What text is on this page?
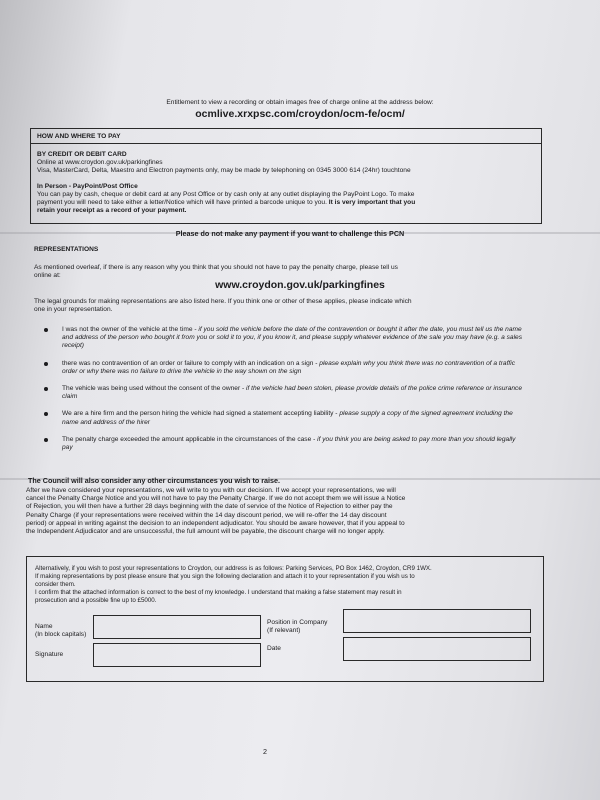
Entitlement to view a recording or obtain images free of charge online at the address below:
ocmlive.xrxpsc.com/croydon/ocm-fe/ocm/
HOW AND WHERE TO PAY
BY CREDIT OR DEBIT CARD
Online at www.croydon.gov.uk/parkingfines
Visa, MasterCard, Delta, Maestro and Electron payments only, may be made by telephoning on 0345 3000 614 (24hr) touchtone
In Person - PayPoint/Post Office
You can pay by cash, cheque or debit card at any Post Office or by cash only at any outlet displaying the PayPoint Logo. To make
payment you will need to take either a letter/Notice which will have printed a barcode unique to you. It is very important that you
retain your receipt as a record of your payment.
Please do not make any payment if you want to challenge this PCN
REPRESENTATIONS
As mentioned overleaf, if there is any reason why you think that you should not have to pay the penalty charge, please tell us
online at:
www.croydon.gov.uk/parkingfines
The legal grounds for making representations are also listed here. If you think one or other of these applies, please indicate which
one in your representation.
I was not the owner of the vehicle at the time - if you sold the vehicle before the date of the contravention or bought it after the date, you must tell us the name and address of the person who bought it from you or sold it to you, if you know it, and please supply whatever evidence of the sale you may have (e.g. a sales receipt)
there was no contravention of an order or failure to comply with an indication on a sign - please explain why you think there was no contravention of a traffic order or why there was no failure to drive the vehicle in the way shown on the sign
The vehicle was being used without the consent of the owner - if the vehicle had been stolen, please provide details of the police crime reference or insurance claim
We are a hire firm and the person hiring the vehicle had signed a statement accepting liability - please supply a copy of the signed agreement including the name and address of the hirer
The penalty charge exceeded the amount applicable in the circumstances of the case - if you think you are being asked to pay more than you should legally pay
The Council will also consider any other circumstances you wish to raise.
After we have considered your representations, we will write to you with our decision. If we accept your representations, we will
cancel the Penalty Charge Notice and you will not have to pay the Penalty Charge. If we do not accept them we will issue a Notice
of Rejection, you will then have a further 28 days beginning with the date of service of the Notice of Rejection to either pay the
Penalty Charge (if your representations were received within the 14 day discount period, we will re-offer the 14 day discount
period) or appeal in writing against the decision to an independent adjudicator. You should be aware however, that if you appeal to
the Independent Adjudicator and are unsuccessful, the full amount will be payable, the discount charge will no longer apply.
Alternatively, if you wish to post your representations to Croydon, our address is as follows: Parking Services, PO Box 1462, Croydon, CR9 1WX.
If making representations by post please ensure that you sign the following declaration and attach it to your representation if you wish us to
consider them.
I confirm that the attached information is correct to the best of my knowledge. I understand that making a false statement may result in
prosecution and a possible fine up to £5000.
Name
(In block capitals)
Position in Company
(If relevant)
Signature
Date
2
